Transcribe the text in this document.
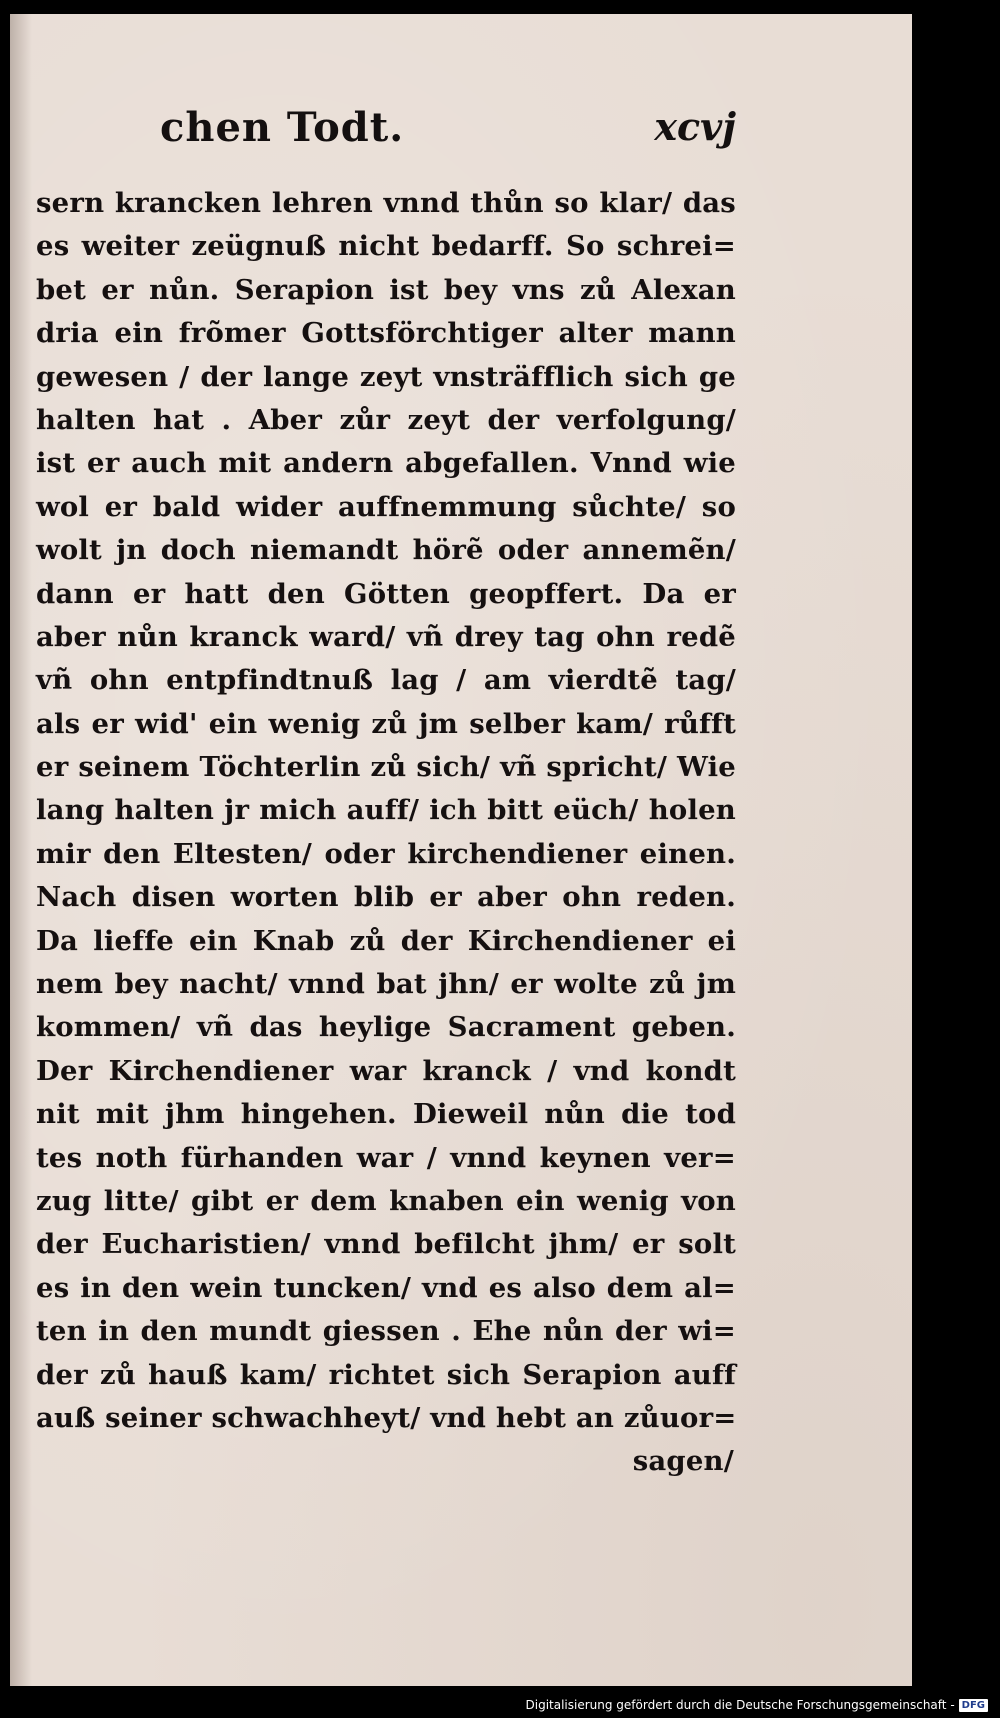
chen Todt.	xcvj
sern krancken lehren vnnd thůn so klar/ das
es weiter zeügnuß nicht bedarff. So schrei=
bet er nůn. Serapion ist bey vns zů Alexan
dria ein frõmer Gottsförchtiger alter mann
gewesen / der lange zeyt vnsträfflich sich ge
halten hat . Aber zůr zeyt der verfolgung/
ist er auch mit andern abgefallen. Vnnd wie
wol er bald wider auffnemmung sůchte/ so
wolt jn doch niemandt hörẽ oder annemẽn/
dann er hatt den Götten geopffert. Da er
aber nůn kranck ward/ vñ drey tag ohn redẽ
vñ ohn entpfindtnuß lag / am vierdtẽ tag/
als er wid' ein wenig zů jm selber kam/ růfft
er seinem Töchterlin zů sich/ vñ spricht/ Wie
lang halten jr mich auff/ ich bitt eüch/ holen
mir den Eltesten/ oder kirchendiener einen.
Nach disen worten blib er aber ohn reden.
Da lieffe ein Knab zů der Kirchendiener ei
nem bey nacht/ vnnd bat jhn/ er wolte zů jm
kommen/ vñ das heylige Sacrament geben.
Der Kirchendiener war kranck / vnd kondt
nit mit jhm hingehen. Dieweil nůn die tod
tes noth fürhanden war / vnnd keynen ver=
zug litte/ gibt er dem knaben ein wenig von
der Eucharistien/ vnnd befilcht jhm/ er solt
es in den wein tuncken/ vnd es also dem al=
ten in den mundt giessen . Ehe nůn der wi=
der zů hauß kam/ richtet sich Serapion auff
auß seiner schwachheyt/ vnd hebt an zůuor=
sagen/
Digitalisierung gefördert durch die Deutsche Forschungsgemeinschaft - DFG
